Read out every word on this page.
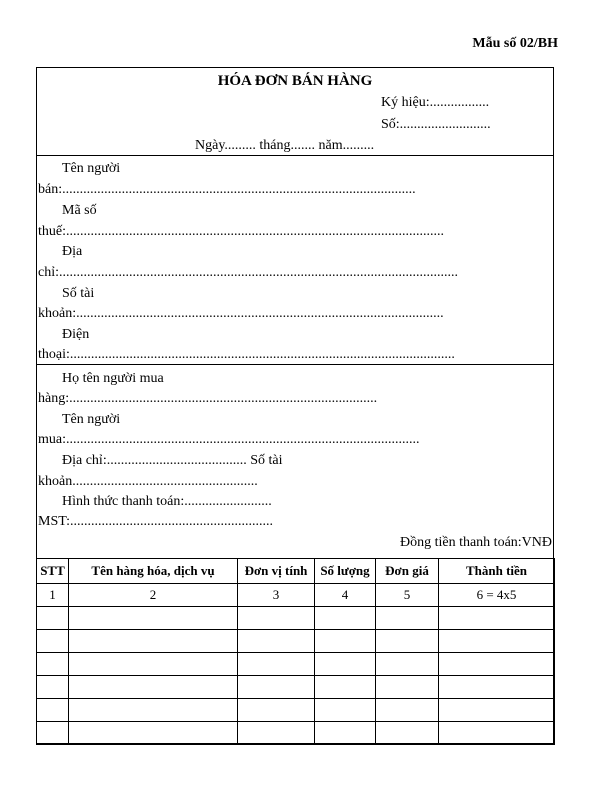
Mẫu số 02/BH
HÓA ĐƠN BÁN HÀNG
Ký hiệu:.................
Số:..........................
Ngày......... tháng....... năm.........
Tên người
bán:.....................................................................................................
Mã số
thuế:............................................................................................................
Địa
chỉ:..................................................................................................................
Số tài
khoản:.........................................................................................................
Điện
thoại:..............................................................................................................
Họ tên người mua
hàng:........................................................................................
Tên người
mua:.....................................................................................................
Địa chỉ:........................................ Số tài
khoản.....................................................
Hình thức thanh toán:.........................
MST:..........................................................
Đồng tiền thanh toán:VNĐ
STT	Tên hàng hóa, dịch vụ	Đơn vị tính	Số lượng	Đơn giá	Thành tiền
1	2	3	4	5	6 = 4x5
